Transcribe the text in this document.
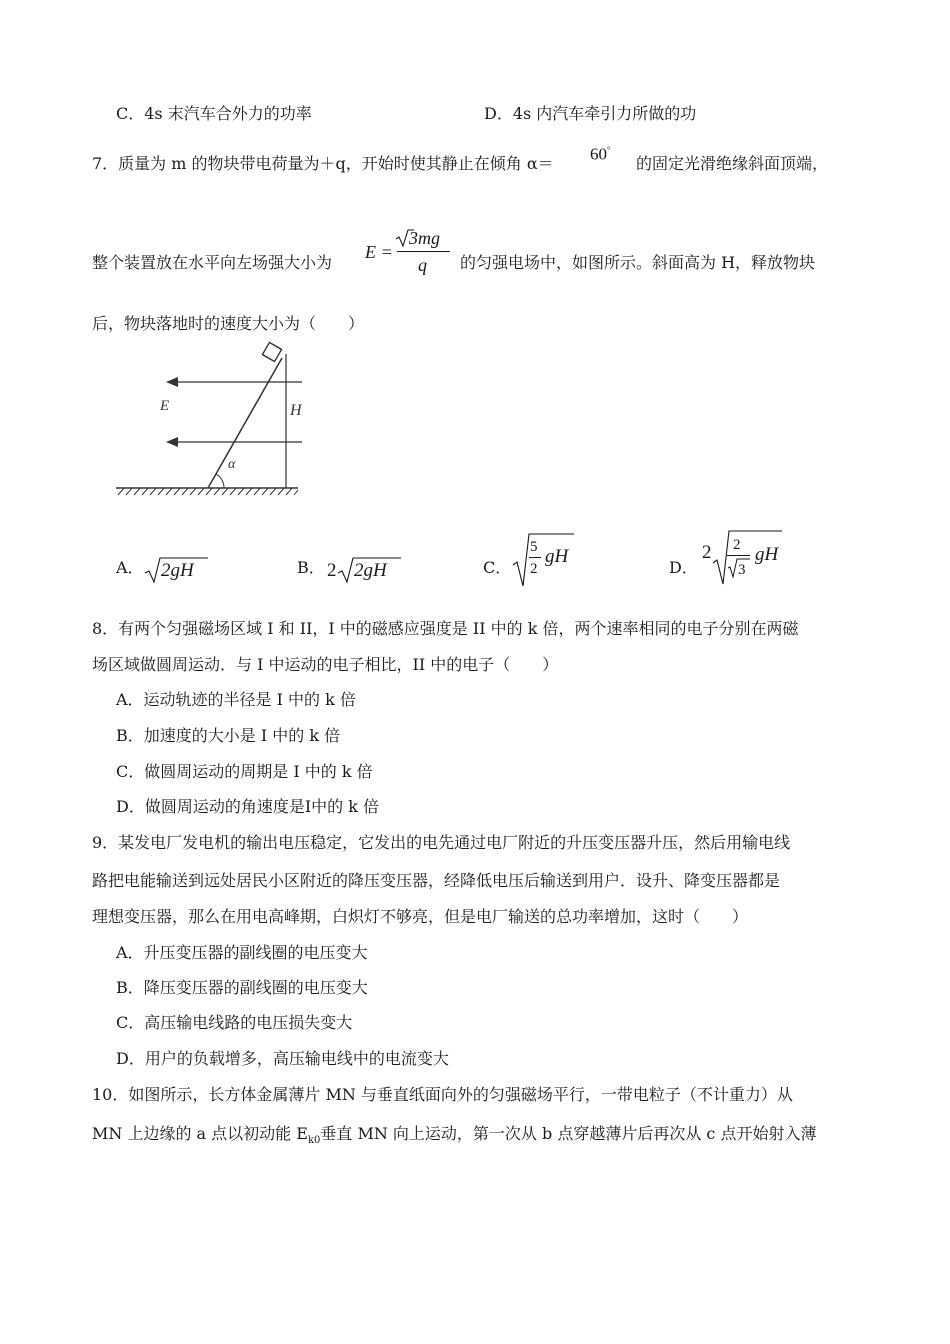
C．4s 末汽车合外力的功率	D．4s 内汽车牵引力所做的功
7．质量为 m 的物块带电荷量为＋q，开始时使其静止在倾角 α＝ 60°
的固定光滑绝缘斜面顶端，
整个装置放在水平向左场强大小为
E =
3mg
q 的匀强电场中，如图所示。斜面高为 H，释放物块
后，物块落地时的速度大小为（　　）
E	H
α
A． 2gH	B． 2 2gH	C．
5
2
gH
D．
2 2
3
gH
8．有两个匀强磁场区域 I 和 II，I 中的磁感应强度是 II 中的 k 倍，两个速率相同的电子分别在两磁
场区域做圆周运动．与 I 中运动的电子相比，II 中的电子（　　）
A．运动轨迹的半径是 I 中的 k 倍
B．加速度的大小是 I 中的 k 倍
C．做圆周运动的周期是 I 中的 k 倍
D．做圆周运动的角速度是Ⅰ中的 k 倍
9．某发电厂发电机的输出电压稳定，它发出的电先通过电厂附近的升压变压器升压，然后用输电线
路把电能输送到远处居民小区附近的降压变压器，经降低电压后输送到用户．设升、降变压器都是
理想变压器，那么在用电高峰期，白炽灯不够亮，但是电厂输送的总功率增加，这时（　　）
A．升压变压器的副线圈的电压变大
B．降压变压器的副线圈的电压变大
C．高压输电线路的电压损失变大
D．用户的负载增多，高压输电线中的电流变大
10．如图所示，长方体金属薄片 MN 与垂直纸面向外的匀强磁场平行，一带电粒子（不计重力）从
MN 上边缘的 a 点以初动能 $E_{k0}$垂直 MN 向上运动，第一次从 b 点穿越薄片后再次从 c 点开始射入薄
